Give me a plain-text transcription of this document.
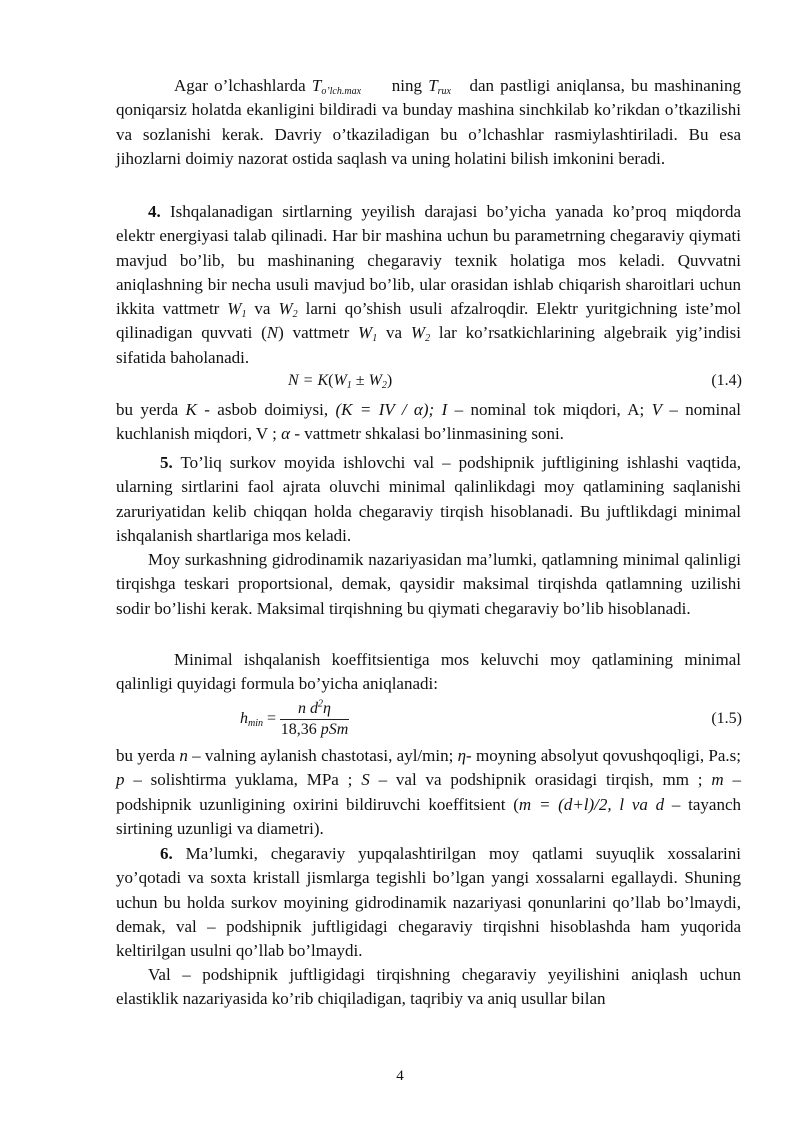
Agar o’lchashlarda $T_{o’lch.max}$     ning $T_{rux}$   dan pastligi aniqlansa, bu mashinaning qoniqarsiz holatda ekanligini bildiradi va bunday mashina sinchkilab ko’rikdan o’tkazilishi va sozlanishi kerak. Davriy o’tkaziladigan bu o’lchashlar rasmiylashtiriladi. Bu esa jihozlarni doimiy nazorat ostida saqlash va uning holatini bilish imkonini beradi.

4. Ishqalanadigan sirtlarning yeyilish darajasi bo’yicha yanada ko’proq miqdorda elektr energiyasi talab qilinadi. Har bir mashina uchun bu parametrning chegaraviy qiymati mavjud bo’lib, bu mashinaning chegaraviy texnik holatiga mos keladi. Quvvatni aniqlashning bir necha usuli mavjud bo’lib, ular orasidan ishlab chiqarish sharoitlari uchun ikkita vattmetr $W_1$ va $W_2$ larni qo’shish usuli afzalroqdir. Elektr yuritgichning iste’mol qilinadigan quvvati (N) vattmetr $W_1$ va $W_2$ lar ko’rsatkichlarining algebraik yig’indisi sifatida baholanadi.

$N = K(W_1 \pm W_2)$	(1.4)

bu yerda K - asbob doimiysi, (K = IV / α); I – nominal tok miqdori, A; V – nominal kuchlanish miqdori, V ; α - vattmetr shkalasi bo’linmasining soni.

5. To’liq surkov moyida ishlovchi val – podshipnik juftligining ishlashi vaqtida, ularning sirtlarini faol ajrata oluvchi minimal qalinlikdagi moy qatlamining saqlanishi zaruriyatidan kelib chiqqan holda chegaraviy tirqish hisoblanadi. Bu juftlikdagi minimal ishqalanish shartlariga mos keladi.

Moy surkashning gidrodinamik nazariyasidan ma’lumki, qatlamning minimal qalinligi tirqishga teskari proportsional, demak, qaysidir maksimal tirqishda qatlamning uzilishi sodir bo’lishi kerak. Maksimal tirqishning bu qiymati chegaraviy bo’lib hisoblanadi.

Minimal ishqalanish koeffitsientiga mos keluvchi moy qatlamining minimal qalinligi quyidagi formula bo’yicha aniqlanadi:

$h_{min} = \frac{n d^2\eta}{\text{18,36 pSm}}$	(1.5)

bu yerda n – valning aylanish chastotasi, ayl/min; η- moyning absolyut qovushqoqligi, Pa.s; p – solishtirma yuklama, MPa ; S – val va podshipnik orasidagi tirqish, mm ; m – podshipnik uzunligining oxirini bildiruvchi koeffitsient (m = (d+l)/2, l va d – tayanch sirtining uzunligi va diametri).

6. Ma’lumki, chegaraviy yupqalashtirilgan moy qatlami suyuqlik xossalarini yo’qotadi va soxta kristall jismlarga tegishli bo’lgan yangi xossalarni egallaydi. Shuning uchun bu holda surkov moyining gidrodinamik nazariyasi qonunlarini qo’llab bo’lmaydi, demak, val – podshipnik juftligidagi chegaraviy tirqishni hisoblashda ham yuqorida keltirilgan usulni qo’llab bo’lmaydi.

Val – podshipnik juftligidagi tirqishning chegaraviy yeyilishini aniqlash uchun elastiklik nazariyasida ko’rib chiqiladigan, taqribiy va aniq usullar bilan

4
